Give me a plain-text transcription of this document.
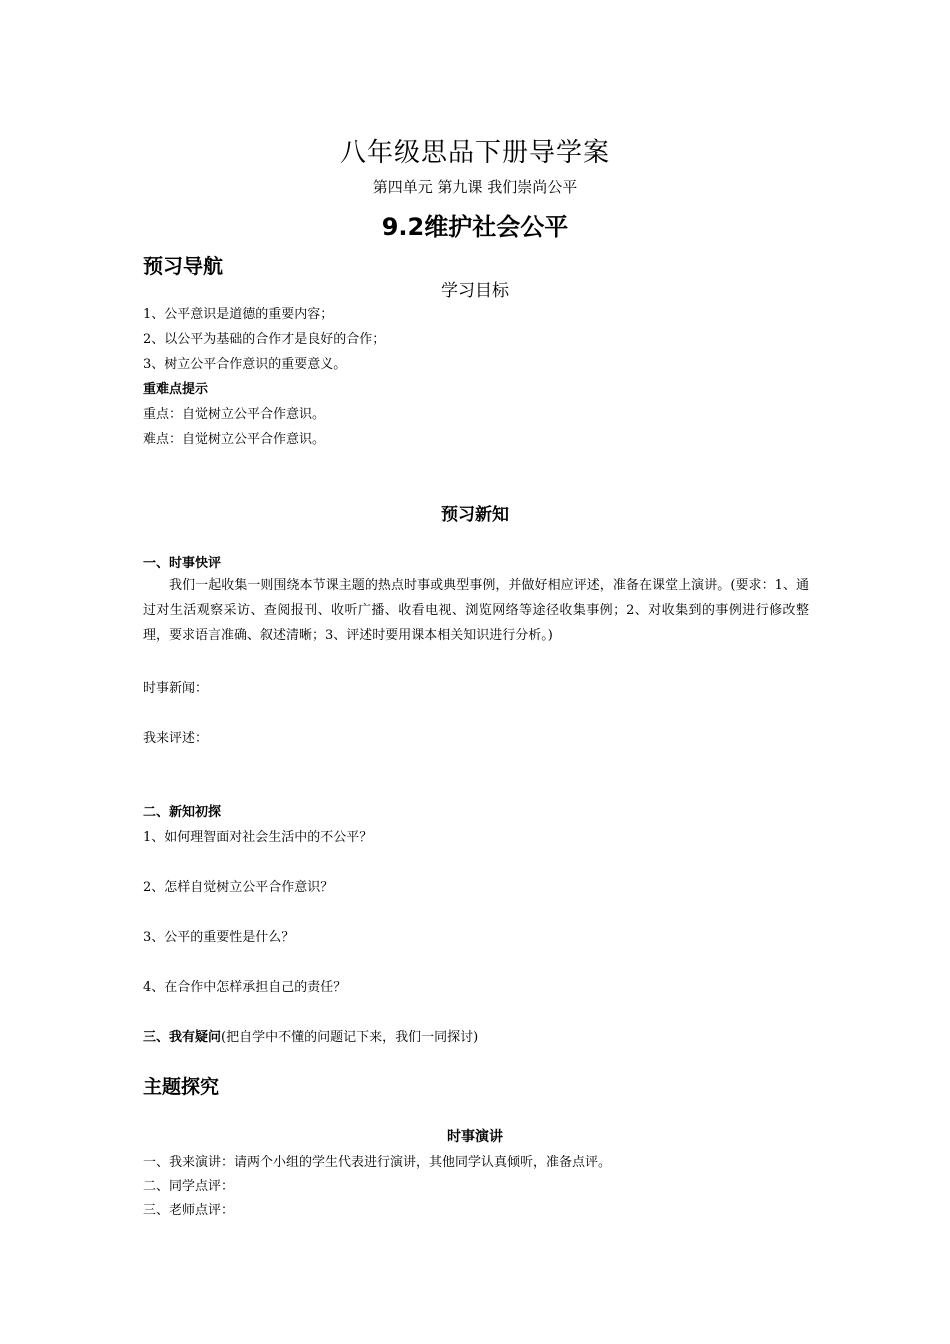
八年级思品下册导学案
第四单元 第九课 我们崇尚公平
9.2维护社会公平
预习导航
学习目标
1、公平意识是道德的重要内容；
2、以公平为基础的合作才是良好的合作；
3、树立公平合作意识的重要意义。
重难点提示
重点：自觉树立公平合作意识。
难点：自觉树立公平合作意识。
预习新知
一、时事快评
我们一起收集一则围绕本节课主题的热点时事或典型事例，并做好相应评述，准备在课堂上演讲。(要求：1、通过对生活观察采访、查阅报刊、收听广播、收看电视、浏览网络等途径收集事例；2、对收集到的事例进行修改整理，要求语言准确、叙述清晰；3、评述时要用课本相关知识进行分析。)
时事新闻：
我来评述：
二、新知初探
1、如何理智面对社会生活中的不公平？
2、怎样自觉树立公平合作意识？
3、公平的重要性是什么？
4、在合作中怎样承担自己的责任？
三、我有疑问(把自学中不懂的问题记下来，我们一同探讨)
主题探究
时事演讲
一、我来演讲：请两个小组的学生代表进行演讲，其他同学认真倾听，准备点评。
二、同学点评：
三、老师点评：
